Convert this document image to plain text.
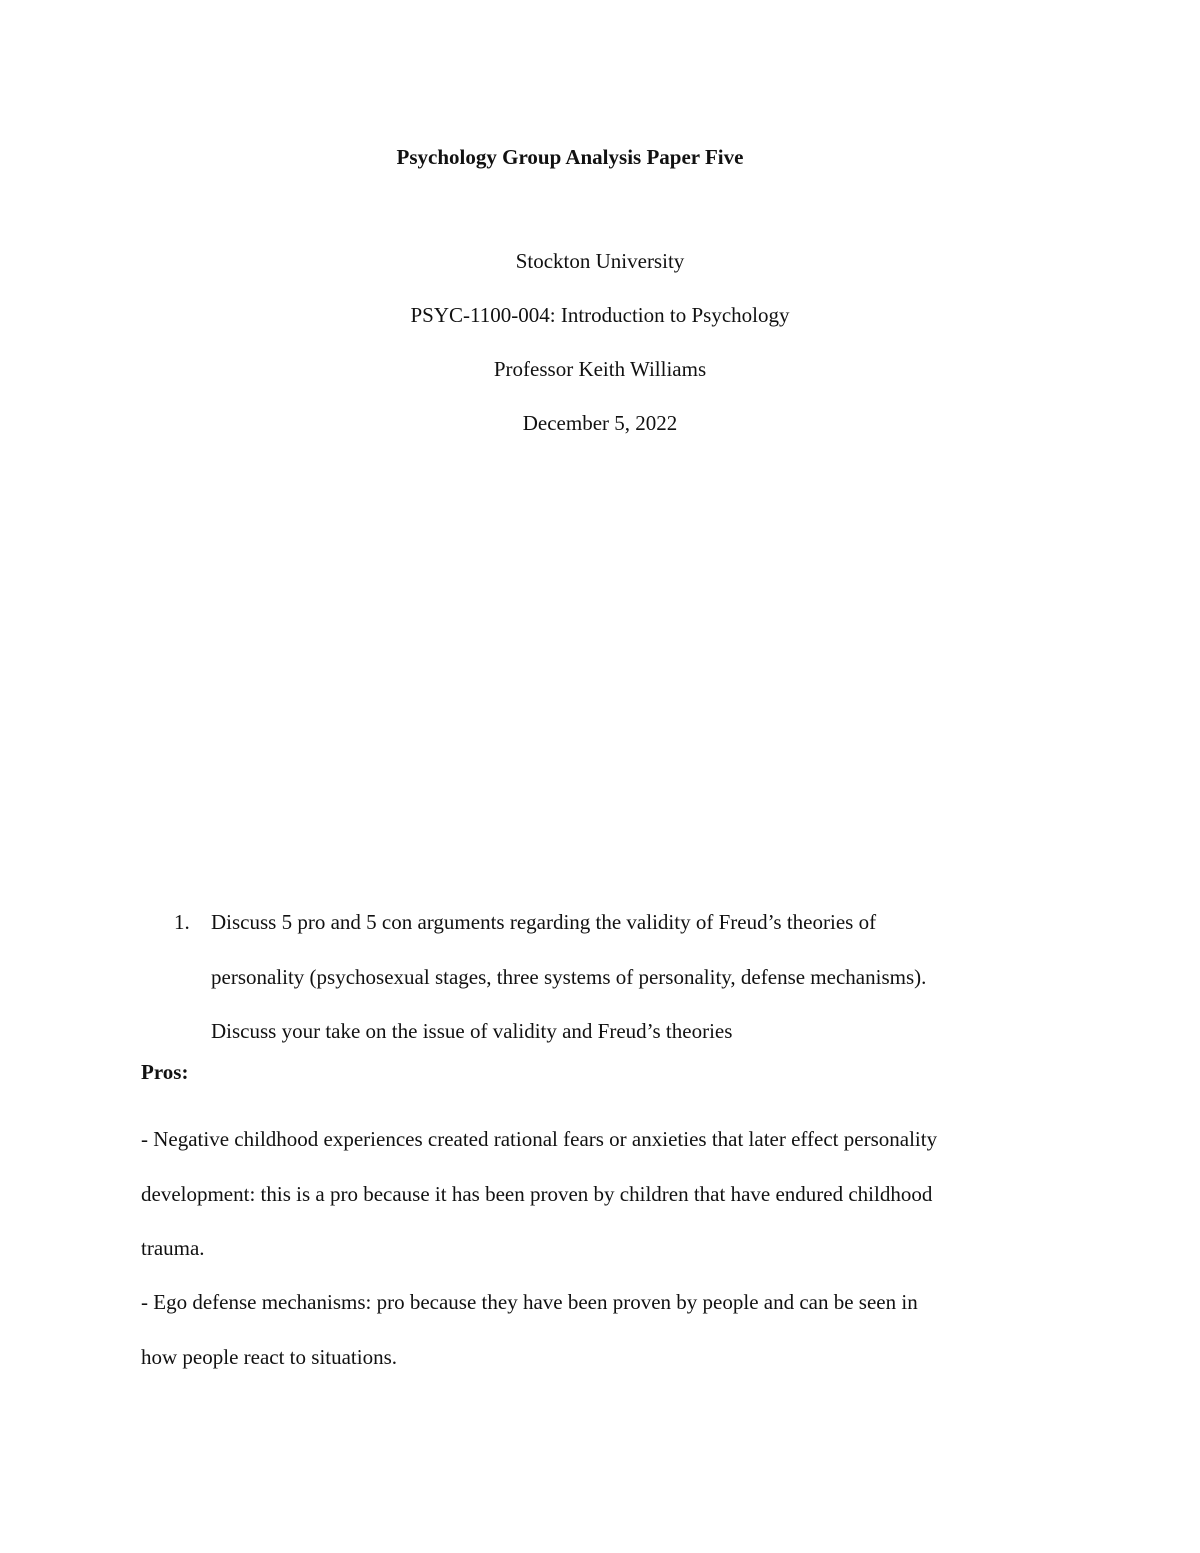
Psychology Group Analysis Paper Five
Stockton University
PSYC-1100-004: Introduction to Psychology
Professor Keith Williams
December 5, 2022
1. Discuss 5 pro and 5 con arguments regarding the validity of Freud’s theories of
personality (psychosexual stages, three systems of personality, defense mechanisms).
Discuss your take on the issue of validity and Freud’s theories
Pros:
- Negative childhood experiences created rational fears or anxieties that later effect personality
development: this is a pro because it has been proven by children that have endured childhood
trauma.
- Ego defense mechanisms: pro because they have been proven by people and can be seen in
how people react to situations.
